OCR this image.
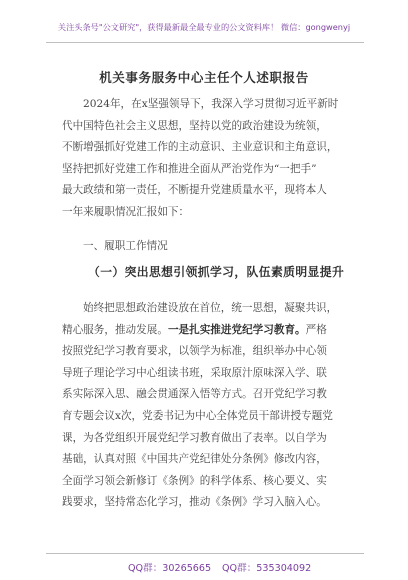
关注头条号"公文研究"，获得最新最全最专业的公文资料库！ 微信：gongwenyj
机关事务服务中心主任个人述职报告
2024年，在x坚强领导下，我深入学习贯彻习近平新时
代中国特色社会主义思想，坚持以党的政治建设为统领，
不断增强抓好党建工作的主动意识、主业意识和主角意识，
坚持把抓好党建工作和推进全面从严治党作为“一把手”
最大政绩和第一责任，不断提升党建质量水平，现将本人
一年来履职情况汇报如下：
一、履职工作情况
（一）突出思想引领抓学习，队伍素质明显提升
始终把思想政治建设放在首位，统一思想，凝聚共识，
精心服务，推动发展。一是扎实推进党纪学习教育。严格
按照党纪学习教育要求，以领学为标准，组织举办中心领
导班子理论学习中心组读书班，采取原汁原味深入学、联
系实际深入思、融会贯通深入悟等方式。召开党纪学习教
育专题会议x次，党委书记为中心全体党员干部讲授专题党
课，为各党组织开展党纪学习教育做出了表率。以自学为
基础，认真对照《中国共产党纪律处分条例》修改内容，
全面学习领会新修订《条例》的科学体系、核心要义、实
践要求，坚持常态化学习，推动《条例》学习入脑入心。
QQ群：30265665 QQ群：535304092
